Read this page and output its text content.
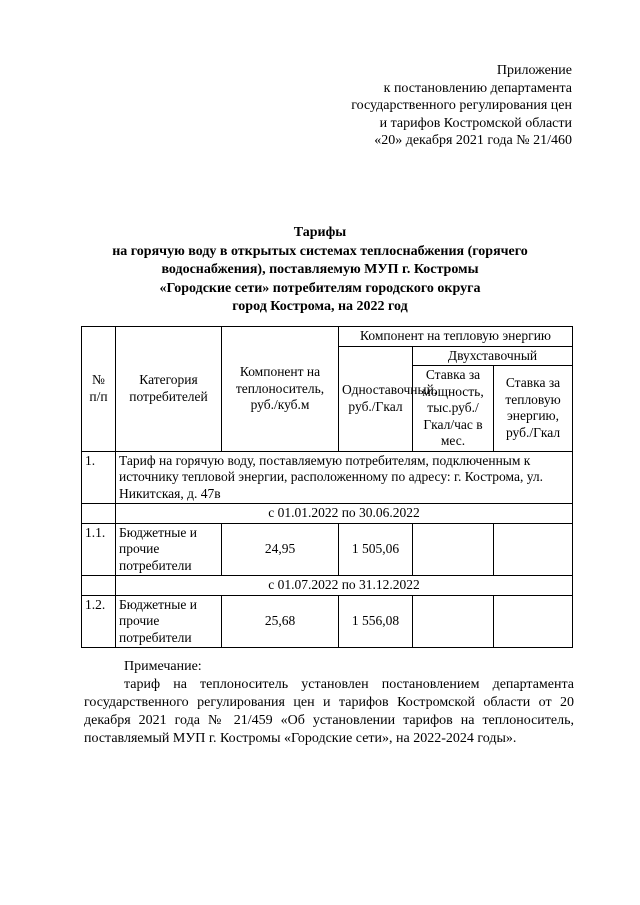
Приложение
к постановлению департамента
государственного регулирования цен
и тарифов Костромской области
«20» декабря 2021 года № 21/460
Тарифы
на горячую воду в открытых системах теплоснабжения (горячего
водоснабжения), поставляемую МУП г. Костромы
«Городские сети» потребителям городского округа
город Кострома, на 2022 год
№ п/п	Категория потребителей	Компонент на теплоноситель, руб./куб.м	Компонент на тепловую энергию		
			Одноставочный, руб./Гкал	Двухставочный	
				Ставка за мощность, тыс.руб./ Гкал/час в мес.	Ставка за тепловую энергию, руб./Гкал
1.	Тариф на горячую воду, поставляемую потребителям, подключенным к источнику тепловой энергии, расположенному по адресу: г. Кострома, ул. Никитская, д. 47в				
	с 01.01.2022 по 30.06.2022				
1.1.	Бюджетные и прочие потребители	24,95	1 505,06		
	с 01.07.2022 по 31.12.2022				
1.2.	Бюджетные и прочие потребители	25,68	1 556,08		
Примечание:
тариф на теплоноситель установлен постановлением департамента государственного регулирования цен и тарифов Костромской области от 20 декабря 2021 года № 21/459 «Об установлении тарифов на теплоноситель, поставляемый МУП г. Костромы «Городские сети», на 2022-2024 годы».
